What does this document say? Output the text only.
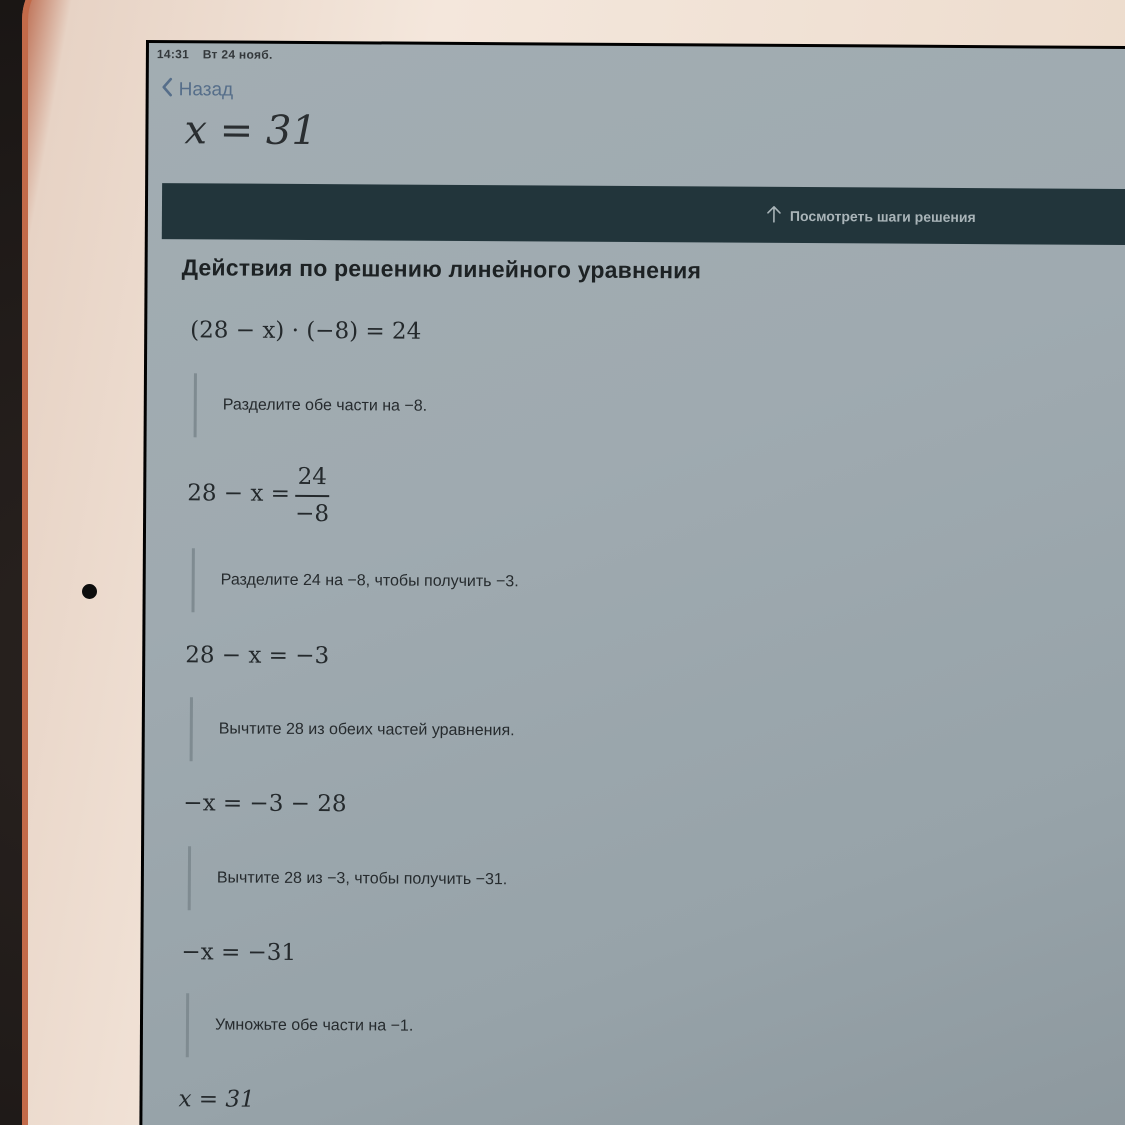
14:31 Вт 24 нояб.
Назад
x = 31
Посмотреть шаги решения
Действия по решению линейного уравнения
(28 − x) · (−8) = 24
Разделите обе части на −8.
28 − x =
24
−8
Разделите 24 на −8, чтобы получить −3.
28 − x = −3
Вычтите 28 из обеих частей уравнения.
−x = −3 − 28
Вычтите 28 из −3, чтобы получить −31.
−x = −31
Умножьте обе части на −1.
x = 31
